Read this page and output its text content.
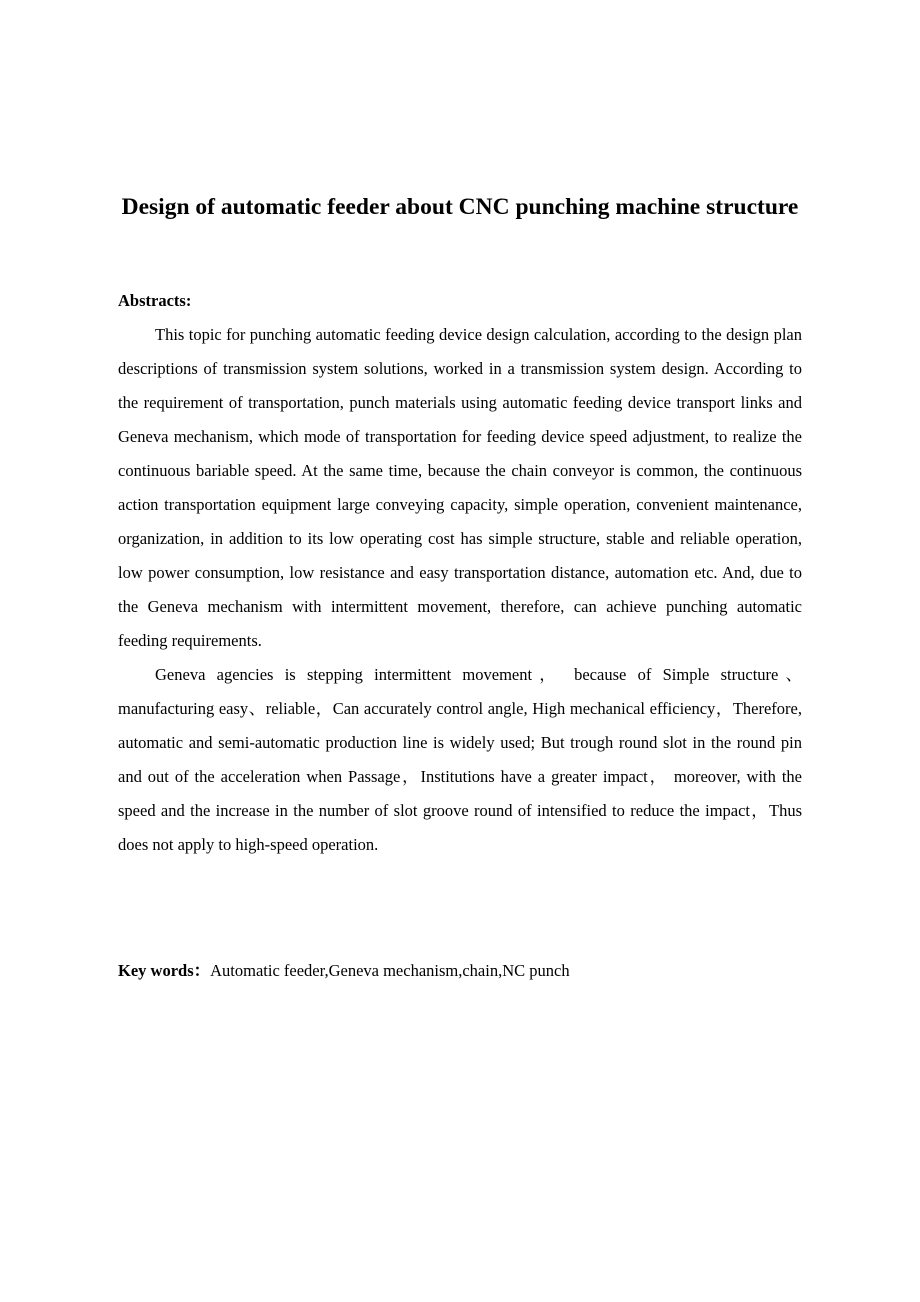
Design of automatic feeder about CNC punching machine structure
Abstracts:

This topic for punching automatic feeding device design calculation, according to the design plan descriptions of transmission system solutions, worked in a transmission system design. According to the requirement of transportation, punch materials using automatic feeding device transport links and Geneva mechanism, which mode of transportation for feeding device speed adjustment, to realize the continuous bariable speed. At the same time, because the chain conveyor is common, the continuous action transportation equipment large conveying capacity, simple operation, convenient maintenance, organization, in addition to its low operating cost has simple structure, stable and reliable operation, low power consumption, low resistance and easy transportation distance, automation etc. And, due to the Geneva mechanism with intermittent movement, therefore, can achieve punching automatic feeding requirements.

Geneva agencies is stepping intermittent movement， because of Simple structure、manufacturing easy、reliable，Can accurately control angle, High mechanical efficiency，Therefore, automatic and semi-automatic production line is widely used; But trough round slot in the round pin and out of the acceleration when Passage，Institutions have a greater impact， moreover, with the speed and the increase in the number of slot groove round of intensified to reduce the impact，Thus does not apply to high-speed operation.

Key words：Automatic feeder,Geneva mechanism,chain,NC punch
